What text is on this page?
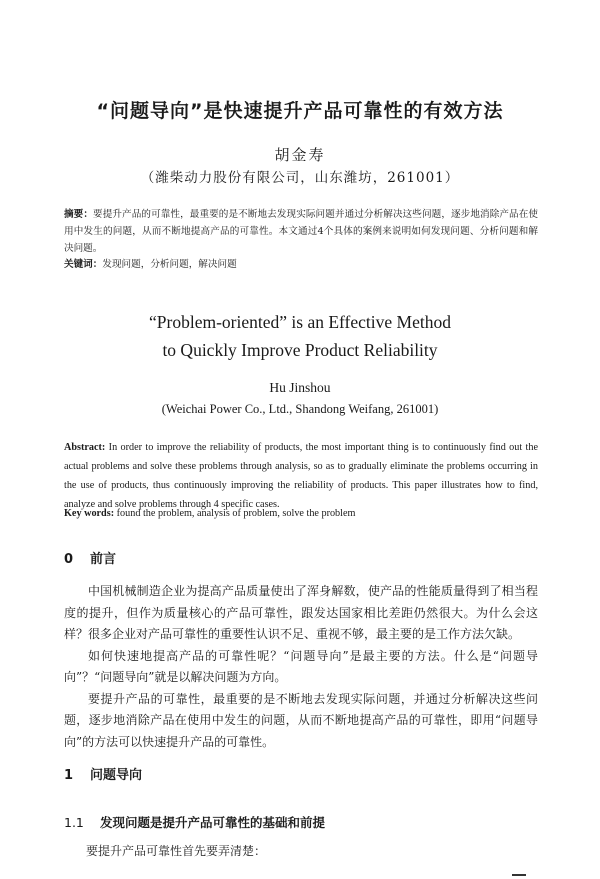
“问题导向”是快速提升产品可靠性的有效方法
胡金寿
（潍柴动力股份有限公司，山东潍坊，261001）
摘要：要提升产品的可靠性，最重要的是不断地去发现实际问题并通过分析解决这些问题，逐步地消除产品在使用中发生的问题，从而不断地提高产品的可靠性。本文通过4个具体的案例来说明如何发现问题、分析问题和解决问题。
关键词：发现问题，分析问题，解决问题
“Problem-oriented” is an Effective Method
to Quickly Improve Product Reliability
Hu Jinshou
(Weichai Power Co., Ltd., Shandong Weifang, 261001)
Abstract: In order to improve the reliability of products, the most important thing is to continuously find out the actual problems and solve these problems through analysis, so as to gradually eliminate the problems occurring in the use of products, thus continuously improving the reliability of products. This paper illustrates how to find, analyze and solve problems through 4 specific cases.
Key words: found the problem, analysis of problem, solve the problem
0 前言

中国机械制造企业为提高产品质量使出了浑身解数，使产品的性能质量得到了相当程度的提升，但作为质量核心的产品可靠性，跟发达国家相比差距仍然很大。为什么会这样？很多企业对产品可靠性的重要性认识不足、重视不够，最主要的是工作方法欠缺。

如何快速地提高产品的可靠性呢？“问题导向”是最主要的方法。什么是“问题导向”？“问题导向”就是以解决问题为方向。

要提升产品的可靠性，最重要的是不断地去发现实际问题，并通过分析解决这些问题，逐步地消除产品在使用中发生的问题，从而不断地提高产品的可靠性，即用“问题导向”的方法可以快速提升产品的可靠性。

1 问题导向
1.1 发现问题是提升产品可靠性的基础和前提
要提升产品可靠性首先要弄清楚：
